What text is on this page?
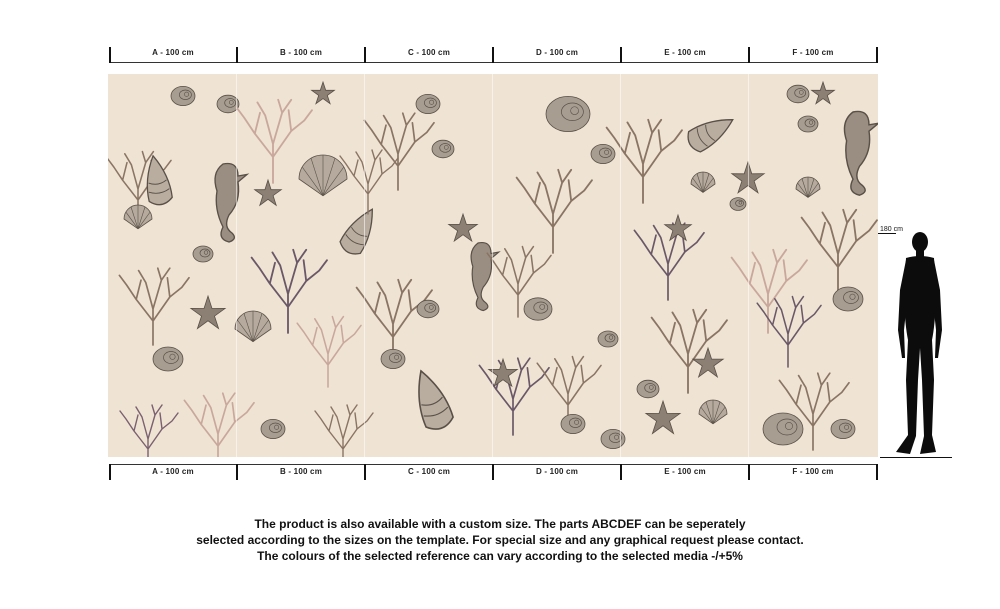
A - 100 cm	B - 100 cm	C - 100 cm	D - 100 cm	E - 100 cm	F - 100 cm
A - 100 cm	B - 100 cm	C - 100 cm	D - 100 cm	E - 100 cm	F - 100 cm
180 cm
The product is also available with a custom size. The parts ABCDEF can be seperately
selected according to the sizes on the template. For special size and any graphical request please contact.
The colours of the selected reference can vary according to the selected media -/+5%
